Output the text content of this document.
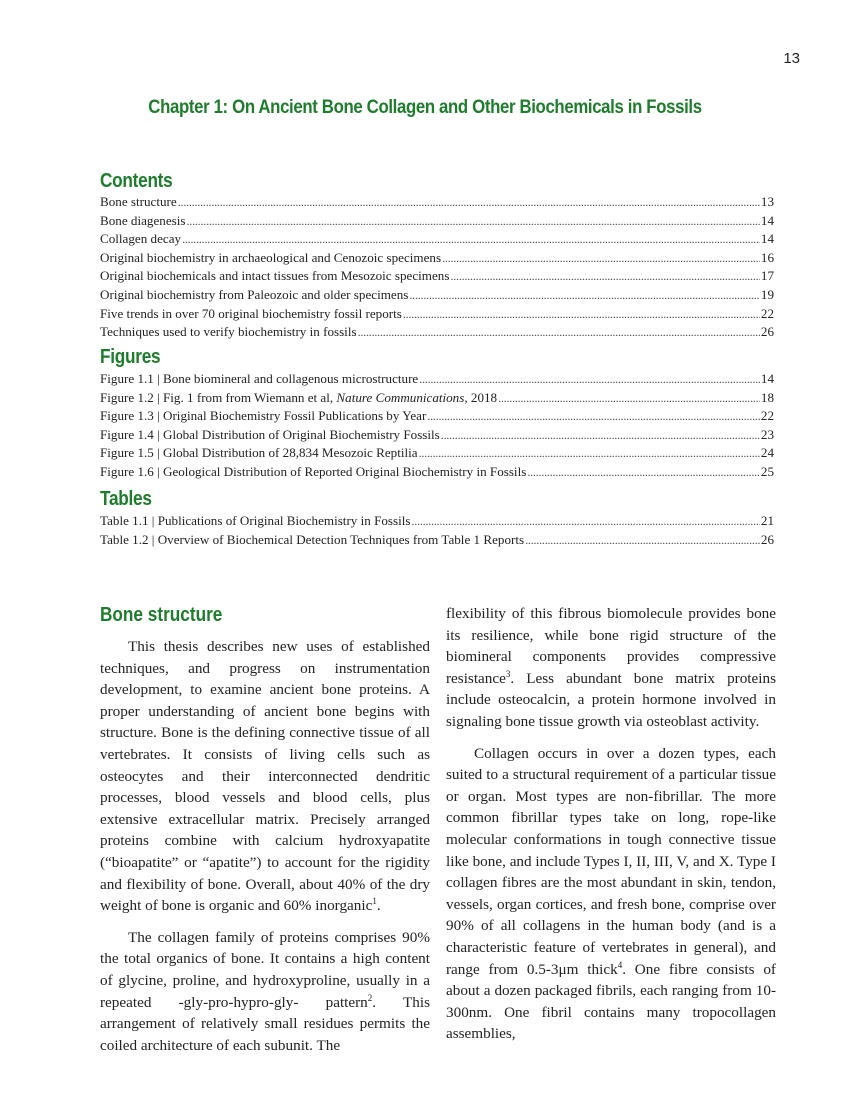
13
Chapter 1: On Ancient Bone Collagen and Other Biochemicals in Fossils
Contents
Bone structure . . .	13
Bone diagenesis . . .	14
Collagen decay . . .	14
Original biochemistry in archaeological and Cenozoic specimens . . .	16
Original biochemicals and intact tissues from Mesozoic specimens . . .	17
Original biochemistry from Paleozoic and older specimens . . .	19
Five trends in over 70 original biochemistry fossil reports . . .	22
Techniques used to verify biochemistry in fossils . . .	26
Figures
Figure 1.1 | Bone biomineral and collagenous microstructure . . .	14
Figure 1.2 | Fig. 1 from from Wiemann et al, Nature Communications, 2018 . . .	18
Figure 1.3 | Original Biochemistry Fossil Publications by Year . . .	22
Figure 1.4 | Global Distribution of Original Biochemistry Fossils . . .	23
Figure 1.5 | Global Distribution of 28,834 Mesozoic Reptilia . . .	24
Figure 1.6 | Geological Distribution of Reported Original Biochemistry in Fossils . . .	25
Tables
Table 1.1 | Publications of Original Biochemistry in Fossils . . .	21
Table 1.2 | Overview of Biochemical Detection Techniques from Table 1 Reports . . .	26
Bone structure

This thesis describes new uses of established techniques, and progress on instrumentation development, to examine ancient bone proteins. A proper understanding of ancient bone begins with structure. Bone is the defining connective tissue of all vertebrates. It consists of living cells such as osteocytes and their interconnected dendritic processes, blood vessels and blood cells, plus extensive extracellular matrix. Precisely arranged proteins combine with calcium hydroxyapatite (“bioapatite” or “apatite”) to account for the rigidity and flexibility of bone. Overall, about 40% of the dry weight of bone is organic and 60% inorganic$^1$.

The collagen family of proteins comprises 90% the total organics of bone. It contains a high content of glycine, proline, and hydroxyproline, usually in a repeated -gly-pro-hypro-gly- pattern$^2$. This arrangement of relatively small residues permits the coiled architecture of each subunit. The

flexibility of this fibrous biomolecule provides bone its resilience, while bone rigid structure of the biomineral components provides compressive resistance$^3$. Less abundant bone matrix proteins include osteocalcin, a protein hormone involved in signaling bone tissue growth via osteoblast activity.

Collagen occurs in over a dozen types, each suited to a structural requirement of a particular tissue or organ. Most types are non-fibrillar. The more common fibrillar types take on long, rope-like molecular conformations in tough connective tissue like bone, and include Types I, II, III, V, and X. Type I collagen fibres are the most abundant in skin, tendon, vessels, organ cortices, and fresh bone, comprise over 90% of all collagens in the human body (and is a characteristic feature of vertebrates in general), and range from 0.5-3μm thick$^4$. One fibre consists of about a dozen packaged fibrils, each ranging from 10-300nm. One fibril contains many tropocollagen assemblies,
